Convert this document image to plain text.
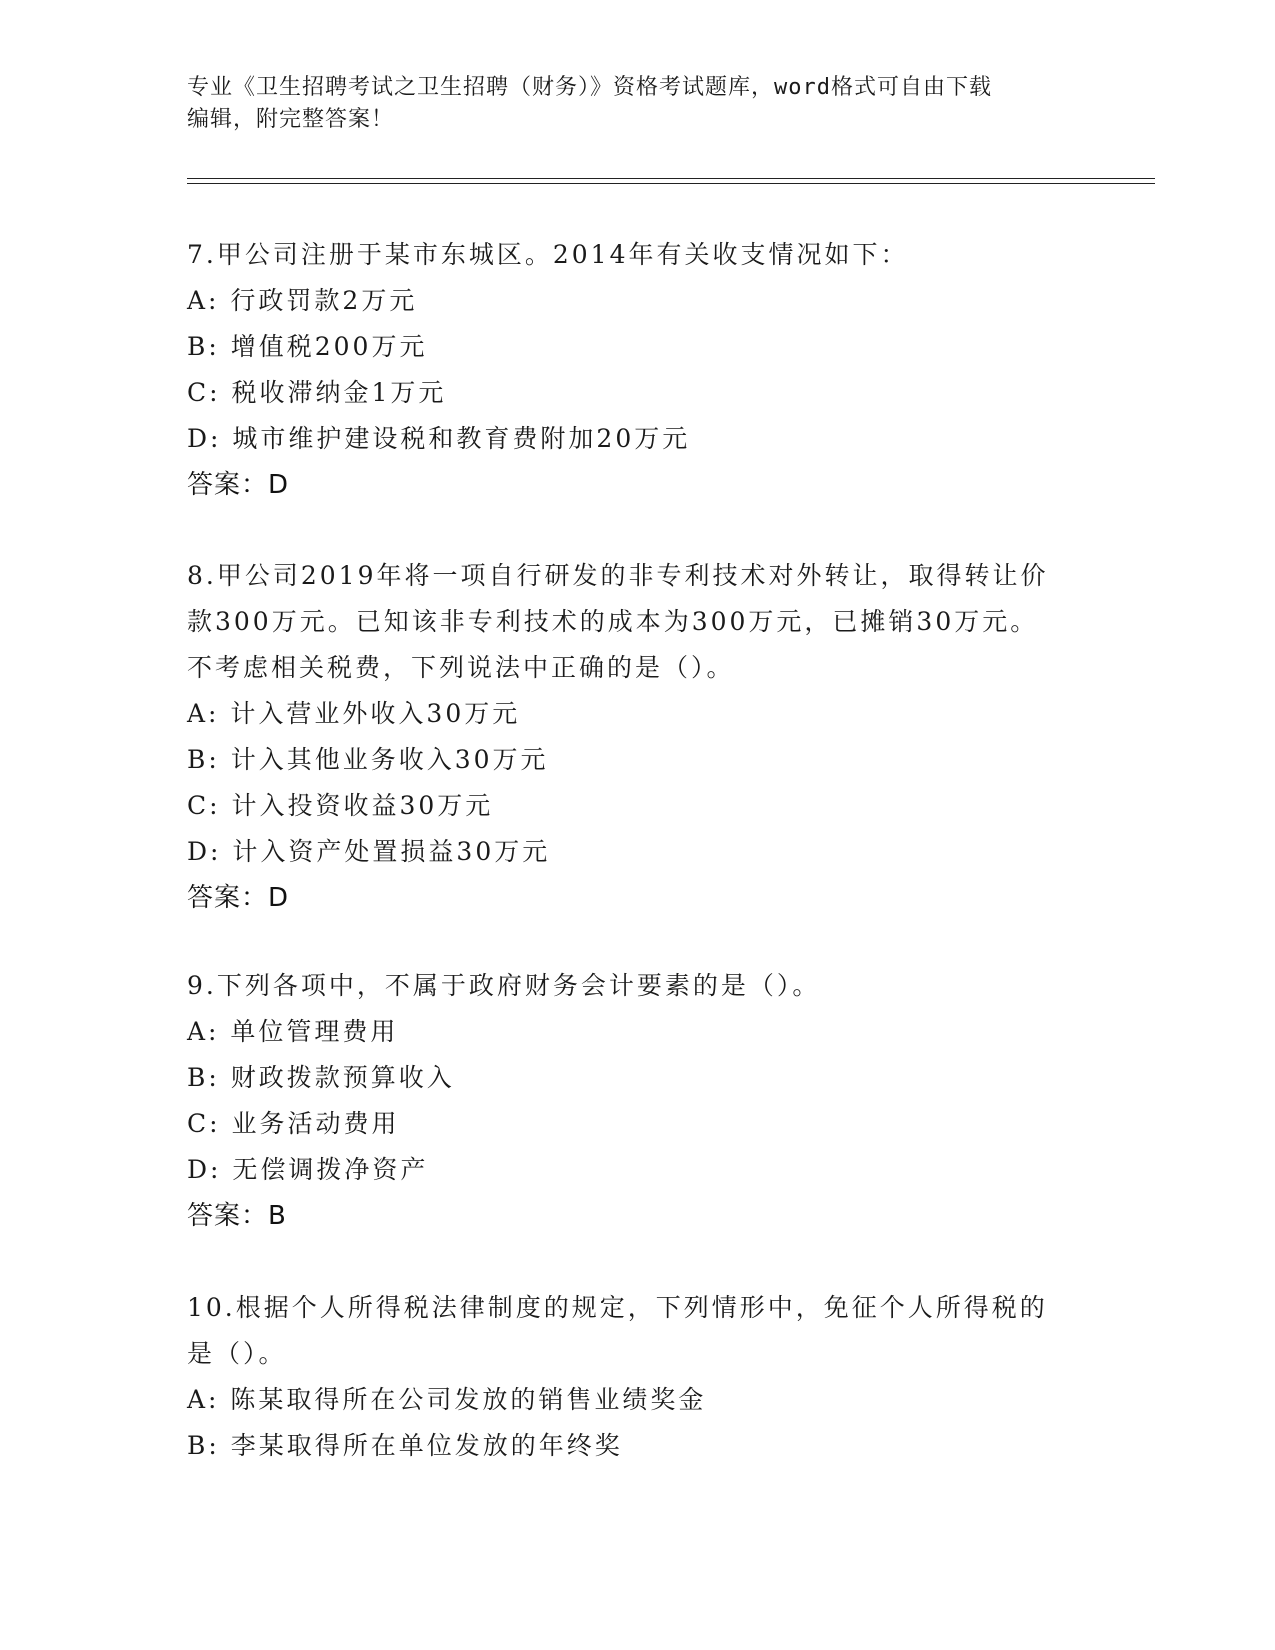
专业《卫生招聘考试之卫生招聘（财务）》资格考试题库，word格式可自由下载
编辑，附完整答案！
7.甲公司注册于某市东城区。2014年有关收支情况如下：
A: 行政罚款2万元
B: 增值税200万元
C: 税收滞纳金1万元
D: 城市维护建设税和教育费附加20万元
答案：D
8.甲公司2019年将一项自行研发的非专利技术对外转让，取得转让价
款300万元。已知该非专利技术的成本为300万元，已摊销30万元。
不考虑相关税费，下列说法中正确的是（）。
A: 计入营业外收入30万元
B: 计入其他业务收入30万元
C: 计入投资收益30万元
D: 计入资产处置损益30万元
答案：D
9.下列各项中，不属于政府财务会计要素的是（）。
A: 单位管理费用
B: 财政拨款预算收入
C: 业务活动费用
D: 无偿调拨净资产
答案：B
10.根据个人所得税法律制度的规定，下列情形中，免征个人所得税的
是（）。
A: 陈某取得所在公司发放的销售业绩奖金
B: 李某取得所在单位发放的年终奖
